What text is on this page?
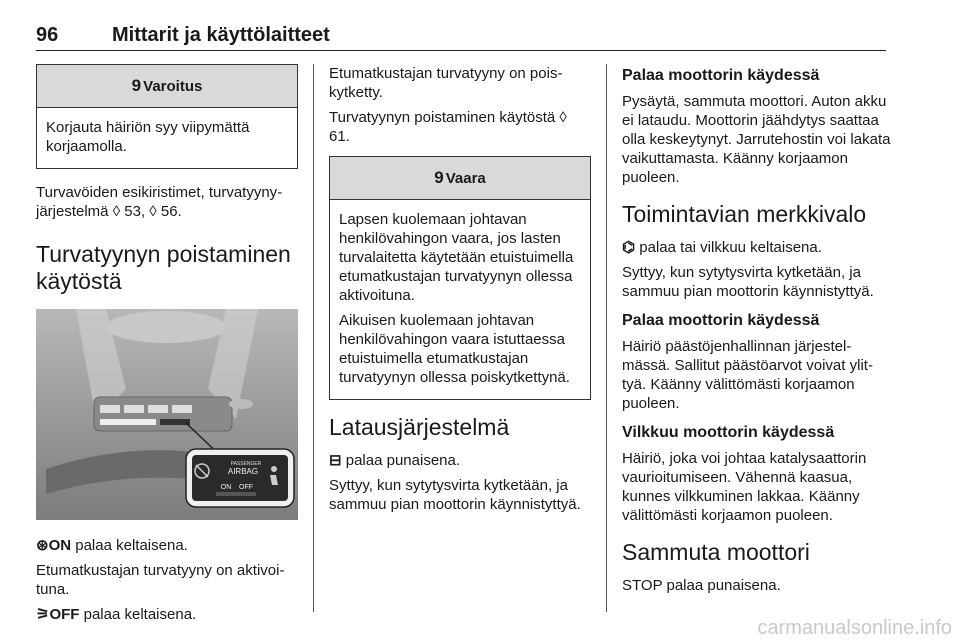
96	Mittarit ja käyttölaitteet
9 Varoitus

Korjauta häiriön syy viipymättä korjaamolla.

Turvavöiden esikiristimet, turvatyynyjärjestelmä ◊ 53, ◊ 56.

Turvatyynyn poistaminen käytöstä
PASSENGER
AIRBAG
ON OFF

⊛ON palaa keltaisena.

Etumatkustajan turvatyyny on aktivoituna.

⚞OFF palaa keltaisena.

Etumatkustajan turvatyyny on poiskytketty.

Turvatyynyn poistaminen käytöstä ◊ 61.

9 Vaara

Lapsen kuolemaan johtavan henkilövahingon vaara, jos lasten turvalaitetta käytetään etuistuimella etumatkustajan turvatyynyn ollessa aktivoituna.

Aikuisen kuolemaan johtavan henkilövahingon vaara istuttaessa etuistuimella etumatkustajan turvatyynyn ollessa poiskytkettynä.

Latausjärjestelmä

⊟ palaa punaisena.

Syttyy, kun sytytysvirta kytketään, ja sammuu pian moottorin käynnistyttyä.

Palaa moottorin käydessä

Pysäytä, sammuta moottori. Auton akku ei lataudu. Moottorin jäähdytys saattaa olla keskeytynyt. Jarrutehostin voi lakata vaikuttamasta. Käänny korjaamon puoleen.

Toimintavian merkkivalo

⌬ palaa tai vilkkuu keltaisena.

Syttyy, kun sytytysvirta kytketään, ja sammuu pian moottorin käynnistyttyä.

Palaa moottorin käydessä

Häiriö päästöjenhallinnan järjestelmässä. Sallitut päästöarvot voivat ylittyä. Käänny välittömästi korjaamon puoleen.

Vilkkuu moottorin käydessä

Häiriö, joka voi johtaa katalysaattorin vaurioitumiseen. Vähennä kaasua, kunnes vilkkuminen lakkaa. Käänny välittömästi korjaamon puoleen.

Sammuta moottori

STOP palaa punaisena.

carmanualsonline.info
